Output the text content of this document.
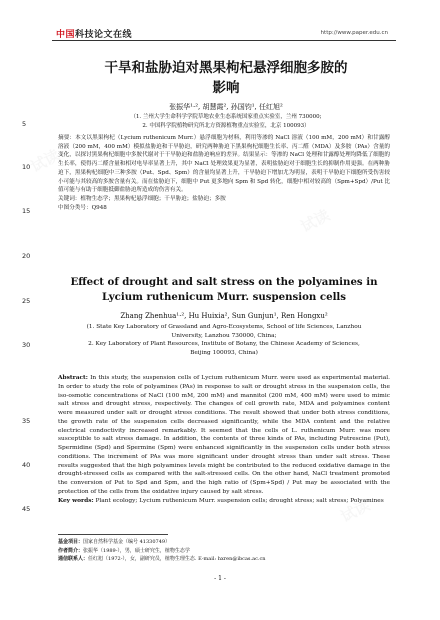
中国科技论文在线	http://www.paper.edu.cn
5
10
15
20
25
30
35
40
45
干旱和盐胁迫对黑果枸杞悬浮细胞多胺的
影响
张振华¹·², 胡慧霞², 孙国钧¹, 任红旭²
（1. 兰州大学生命科学学院草地农业生态系统国家重点实验室，兰州 730000;
2. 中国科学院植物研究所北方资源植物重点实验室，北京 100093）
摘要：本文以黑果枸杞（Lycium ruthenicum Murr.）悬浮细胞为材料，利用等渗的 NaCl 溶液（100 mM，200 mM）和甘露醇溶液（200 mM，400 mM）模拟盐胁迫和干旱胁迫，研究两种胁迫下黑果枸杞细胞生长率、丙二醛（MDA）及多胺（PAs）含量的变化，以探讨黑果枸杞细胞中多胺代谢对于干旱胁迫和盐胁迫响应的差异。结果显示：等渗的 NaCl 处理和甘露醇处理均降低了细胞的生长率，使得丙二醛含量和相对电导率显著上升，其中 NaCl 处理效果更为显著，表明盐胁迫对于细胞生长的抑制作用更强。在两种胁迫下，黑果枸杞细胞中三种多胺（Put、Spd、Spm）的含量均显著上升，干旱胁迫下增加尤为明显，表明干旱胁迫下细胞所受伤害较小可能与其较高的多胺含量有关。而在盐胁迫下，细胞中 Put 更多地向 Spm 和 Spd 转化，细胞中相对较高的（Spm+Spd）/Put 比值可能与有助于细胞抵御盐胁迫所造成的伤害有关。
关键词：植物生态学；黑果枸杞悬浮细胞；干旱胁迫；盐胁迫；多胺
中图分类号：Q948
Effect of drought and salt stress on the polyamines in
Lycium ruthenicum Murr. suspension cells
Zhang Zhenhua¹·², Hu Huixia², Sun Gunjun¹, Ren Hongxu²
(1. State Key Laboratory of Grassland and Agro-Ecosystems, School of life Sciences, Lanzhou
University, Lanzhou 730000, China;
2. Key Laboratory of Plant Resources, Institute of Botany, the Chinese Academy of Sciences,
Beijing 100093, China)
Abstract: In this study, the suspension cells of Lycium ruthenicum Murr. were used as experimental material. In order to study the role of polyamines (PAs) in response to salt or drought stress in the suspension cells, the iso-osmotic concentrations of NaCl (100 mM, 200 mM) and mannitol (200 mM, 400 mM) were used to mimic salt stress and drought stress, respectively. The changes of cell growth rate, MDA and polyamines content were measured under salt or drought stress conditions. The result showed that under both stress conditions, the growth rate of the suspension cells decreased significantly, while the MDA content and the relative electrical condoctivity increased remarkably. It seemed that the cells of L. ruthenicum Murr. was more susceptible to salt stress damage. In addition, the contents of three kinds of PAs, including Putrescine (Put), Spermidine (Spd) and Spermine (Spm) were enhanced significantly in the suspension cells under both stress conditions. The increment of PAs was more significant under drought stress than under salt stress. These results suggested that the high polyamines levels might be contributed to the reduced oxidative damage in the drought-stressed cells as compared with the salt-stressed cells. On the other hand, NaCl treatment promoted the conversion of Put to Spd and Spm, and the high ratio of (Spm+Spd) / Put may be associated with the protection of the cells from the oxidative injury caused by salt stress.
Key words: Plant ecology; Lycium ruthenicum Murr. suspension cells; drought stress; salt stress; Polyamines
基金项目：国家自然科学基金（编号 41330749）
作者简介：张振华（1989-），男，硕士研究生，植物生态学
通信联系人：任红旭（1972-），女，副研究员，植物生理生态. E-mail: hxren@ibcas.ac.cn
- 1 -
